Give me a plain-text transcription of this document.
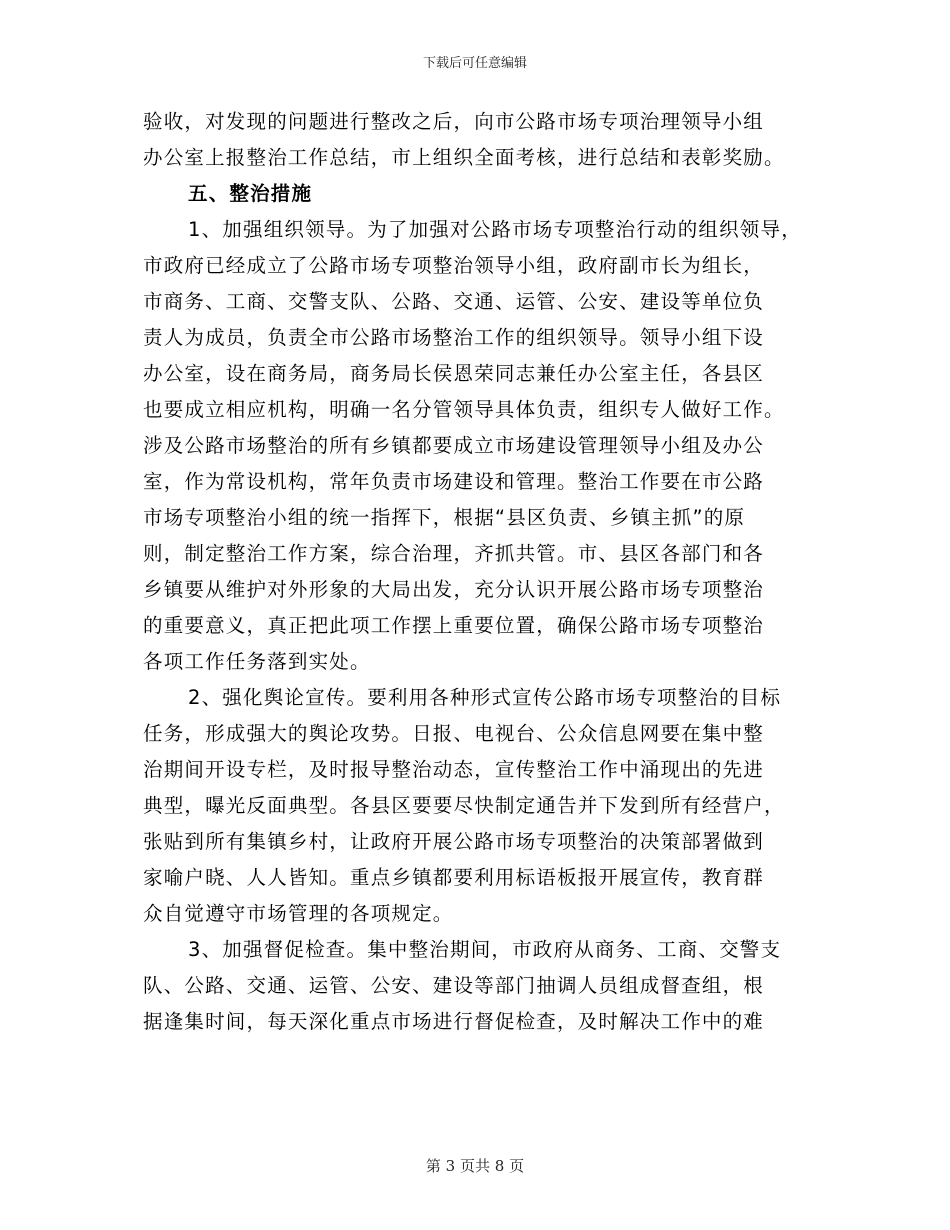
下载后可任意编辑
验收，对发现的问题进行整改之后，向市公路市场专项治理领导小组
办公室上报整治工作总结，市上组织全面考核，进行总结和表彰奖励。
五、整治措施
1、加强组织领导。为了加强对公路市场专项整治行动的组织领导，
市政府已经成立了公路市场专项整治领导小组，政府副市长为组长，
市商务、工商、交警支队、公路、交通、运管、公安、建设等单位负
责人为成员，负责全市公路市场整治工作的组织领导。领导小组下设
办公室，设在商务局，商务局长侯恩荣同志兼任办公室主任，各县区
也要成立相应机构，明确一名分管领导具体负责，组织专人做好工作。
涉及公路市场整治的所有乡镇都要成立市场建设管理领导小组及办公
室，作为常设机构，常年负责市场建设和管理。整治工作要在市公路
市场专项整治小组的统一指挥下，根据“县区负责、乡镇主抓”的原
则，制定整治工作方案，综合治理，齐抓共管。市、县区各部门和各
乡镇要从维护对外形象的大局出发，充分认识开展公路市场专项整治
的重要意义，真正把此项工作摆上重要位置，确保公路市场专项整治
各项工作任务落到实处。
2、强化舆论宣传。要利用各种形式宣传公路市场专项整治的目标
任务，形成强大的舆论攻势。日报、电视台、公众信息网要在集中整
治期间开设专栏，及时报导整治动态，宣传整治工作中涌现出的先进
典型，曝光反面典型。各县区要要尽快制定通告并下发到所有经营户，
张贴到所有集镇乡村，让政府开展公路市场专项整治的决策部署做到
家喻户晓、人人皆知。重点乡镇都要利用标语板报开展宣传，教育群
众自觉遵守市场管理的各项规定。
3、加强督促检查。集中整治期间，市政府从商务、工商、交警支
队、公路、交通、运管、公安、建设等部门抽调人员组成督查组，根
据逢集时间，每天深化重点市场进行督促检查，及时解决工作中的难
第 3 页共 8 页
